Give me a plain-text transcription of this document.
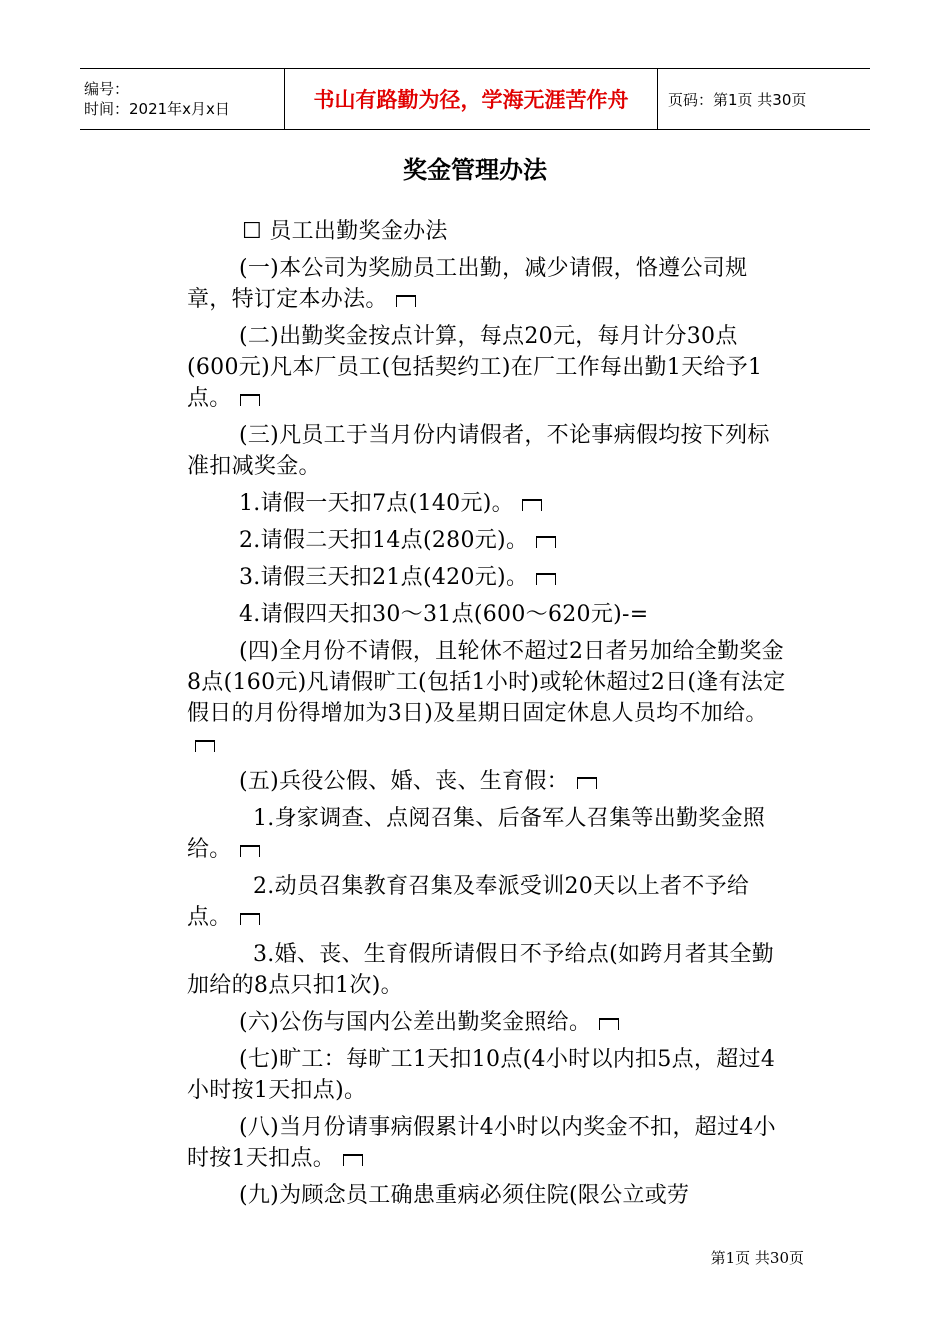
编号：
时间：2021年x月x日	书山有路勤为径，学海无涯苦作舟	页码：第1页 共30页
奖金管理办法

☐ 员工出勤奖金办法

(一)本公司为奖励员工出勤，减少请假，恪遵公司规章，特订定本办法。

(二)出勤奖金按点计算，每点20元，每月计分30点(600元)凡本厂员工(包括契约工)在厂工作每出勤1天给予1点。

(三)凡员工于当月份内请假者，不论事病假均按下列标准扣减奖金。

1.请假一天扣7点(140元)。

2.请假二天扣14点(280元)。

3.请假三天扣21点(420元)。

4.请假四天扣30～31点(600～620元)-=

(四)全月份不请假，且轮休不超过2日者另加给全勤奖金8点(160元)凡请假旷工(包括1小时)或轮休超过2日(逢有法定假日的月份得增加为3日)及星期日固定休息人员均不加给。

(五)兵役公假、婚、丧、生育假：

1.身家调查、点阅召集、后备军人召集等出勤奖金照给。

2.动员召集教育召集及奉派受训20天以上者不予给点。

3.婚、丧、生育假所请假日不予给点(如跨月者其全勤加给的8点只扣1次)。

(六)公伤与国内公差出勤奖金照给。

(七)旷工：每旷工1天扣10点(4小时以内扣5点，超过4小时按1天扣点)。

(八)当月份请事病假累计4小时以内奖金不扣，超过4小时按1天扣点。

(九)为顾念员工确患重病必须住院(限公立或劳

第1页 共30页
